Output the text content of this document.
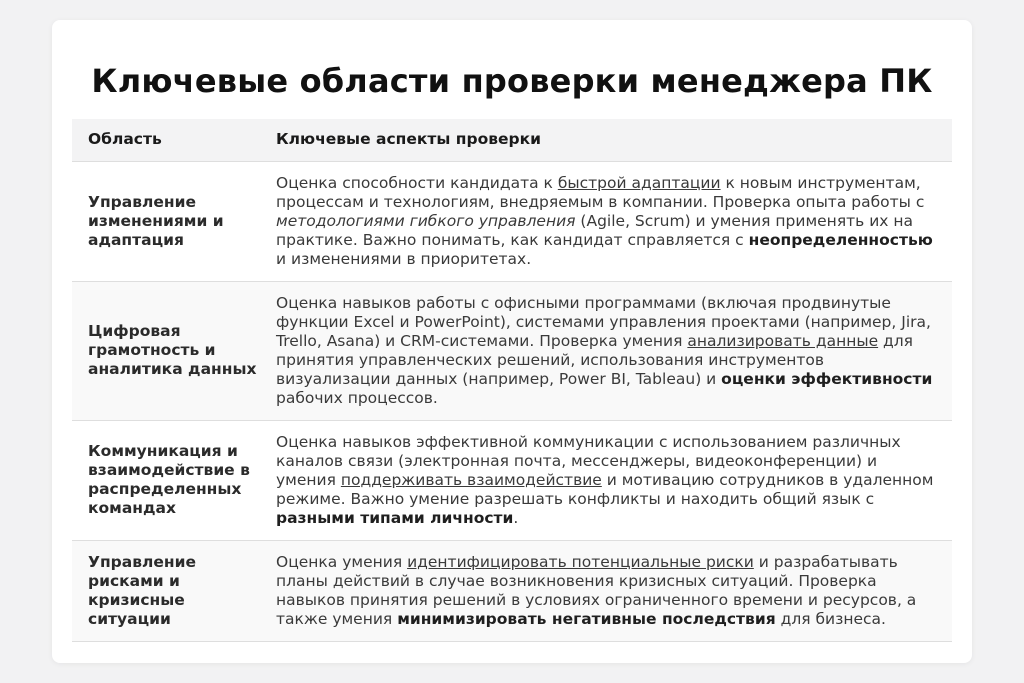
Ключевые области проверки менеджера ПК
Область	Ключевые аспекты проверки
Управление изменениями и адаптация	Оценка способности кандидата к быстрой адаптации к новым инструментам, процессам и технологиям, внедряемым в компании. Проверка опыта работы с методологиями гибкого управления (Agile, Scrum) и умения применять их на практике. Важно понимать, как кандидат справляется с неопределенностью и изменениями в приоритетах.
Цифровая грамотность и аналитика данных	Оценка навыков работы с офисными программами (включая продвинутые функции Excel и PowerPoint), системами управления проектами (например, Jira, Trello, Asana) и CRM-системами. Проверка умения анализировать данные для принятия управленческих решений, использования инструментов визуализации данных (например, Power BI, Tableau) и оценки эффективности рабочих процессов.
Коммуникация и взаимодействие в распределенных командах	Оценка навыков эффективной коммуникации с использованием различных каналов связи (электронная почта, мессенджеры, видеоконференции) и умения поддерживать взаимодействие и мотивацию сотрудников в удаленном режиме. Важно умение разрешать конфликты и находить общий язык с разными типами личности.
Управление рисками и кризисные ситуации	Оценка умения идентифицировать потенциальные риски и разрабатывать планы действий в случае возникновения кризисных ситуаций. Проверка навыков принятия решений в условиях ограниченного времени и ресурсов, а также умения минимизировать негативные последствия для бизнеса.
